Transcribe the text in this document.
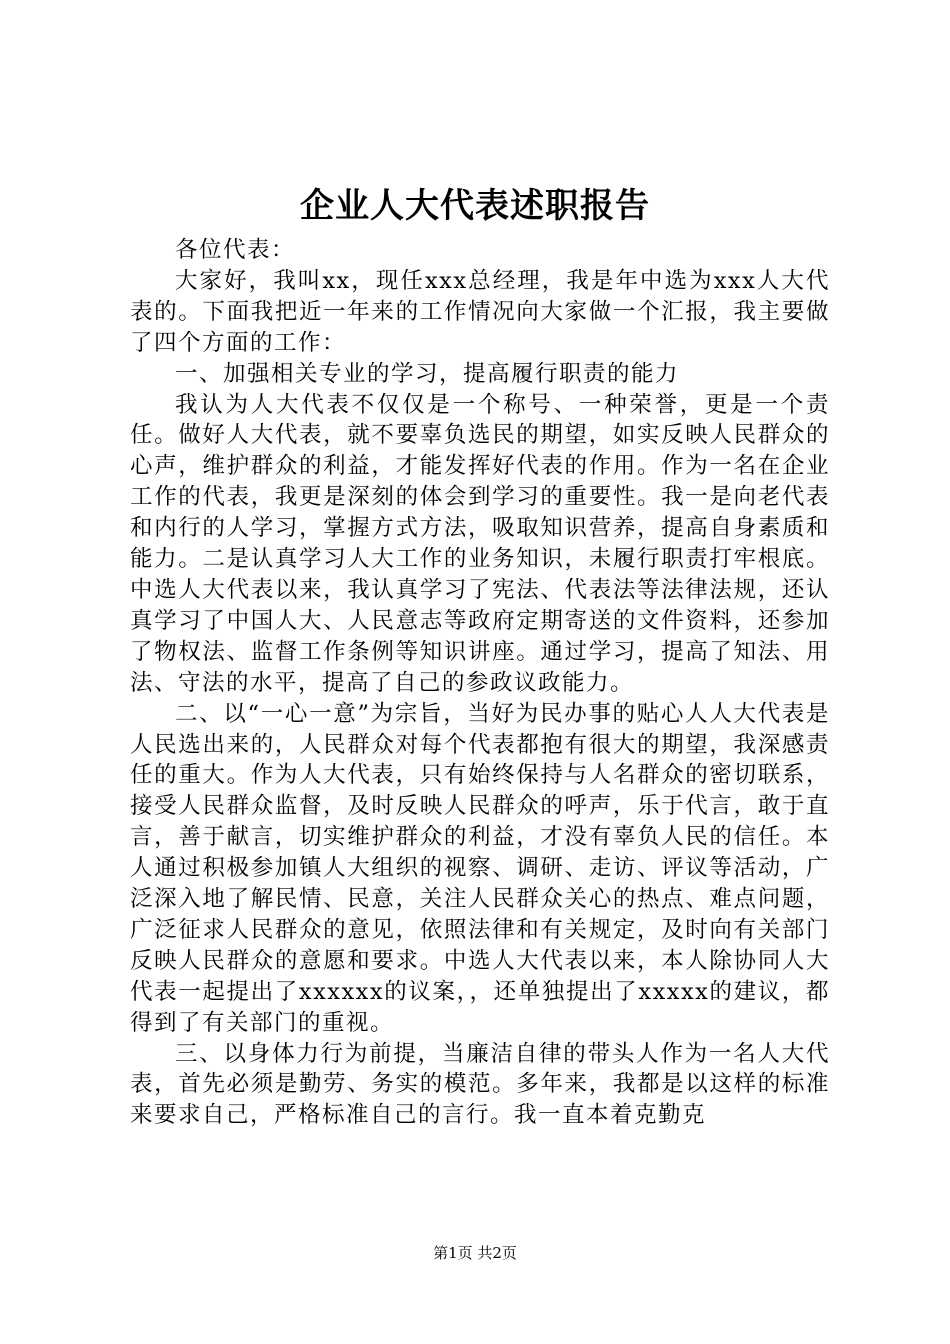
企业人大代表述职报告

各位代表：

大家好，我叫xx，现任xxx总经理，我是年中选为xxx人大代表的。下面我把近一年来的工作情况向大家做一个汇报，我主要做了四个方面的工作：

一、加强相关专业的学习，提高履行职责的能力

我认为人大代表不仅仅是一个称号、一种荣誉，更是一个责任。做好人大代表，就不要辜负选民的期望，如实反映人民群众的心声，维护群众的利益，才能发挥好代表的作用。作为一名在企业工作的代表，我更是深刻的体会到学习的重要性。我一是向老代表和内行的人学习，掌握方式方法，吸取知识营养，提高自身素质和能力。二是认真学习人大工作的业务知识，未履行职责打牢根底。中选人大代表以来，我认真学习了宪法、代表法等法律法规，还认真学习了中国人大、人民意志等政府定期寄送的文件资料，还参加了物权法、监督工作条例等知识讲座。通过学习，提高了知法、用法、守法的水平，提高了自己的参政议政能力。

二、以“一心一意”为宗旨，当好为民办事的贴心人人大代表是人民选出来的，人民群众对每个代表都抱有很大的期望，我深感责任的重大。作为人大代表，只有始终保持与人名群众的密切联系，接受人民群众监督，及时反映人民群众的呼声，乐于代言，敢于直言，善于献言，切实维护群众的利益，才没有辜负人民的信任。本人通过积极参加镇人大组织的视察、调研、走访、评议等活动，广泛深入地了解民情、民意，关注人民群众关心的热点、难点问题，广泛征求人民群众的意见，依照法律和有关规定，及时向有关部门反映人民群众的意愿和要求。中选人大代表以来，本人除协同人大代表一起提出了xxxxxx的议案，，还单独提出了xxxxx的建议，都得到了有关部门的重视。

三、以身体力行为前提，当廉洁自律的带头人作为一名人大代表，首先必须是勤劳、务实的模范。多年来，我都是以这样的标准来要求自己，严格标准自己的言行。我一直本着克勤克

第1页 共2页
